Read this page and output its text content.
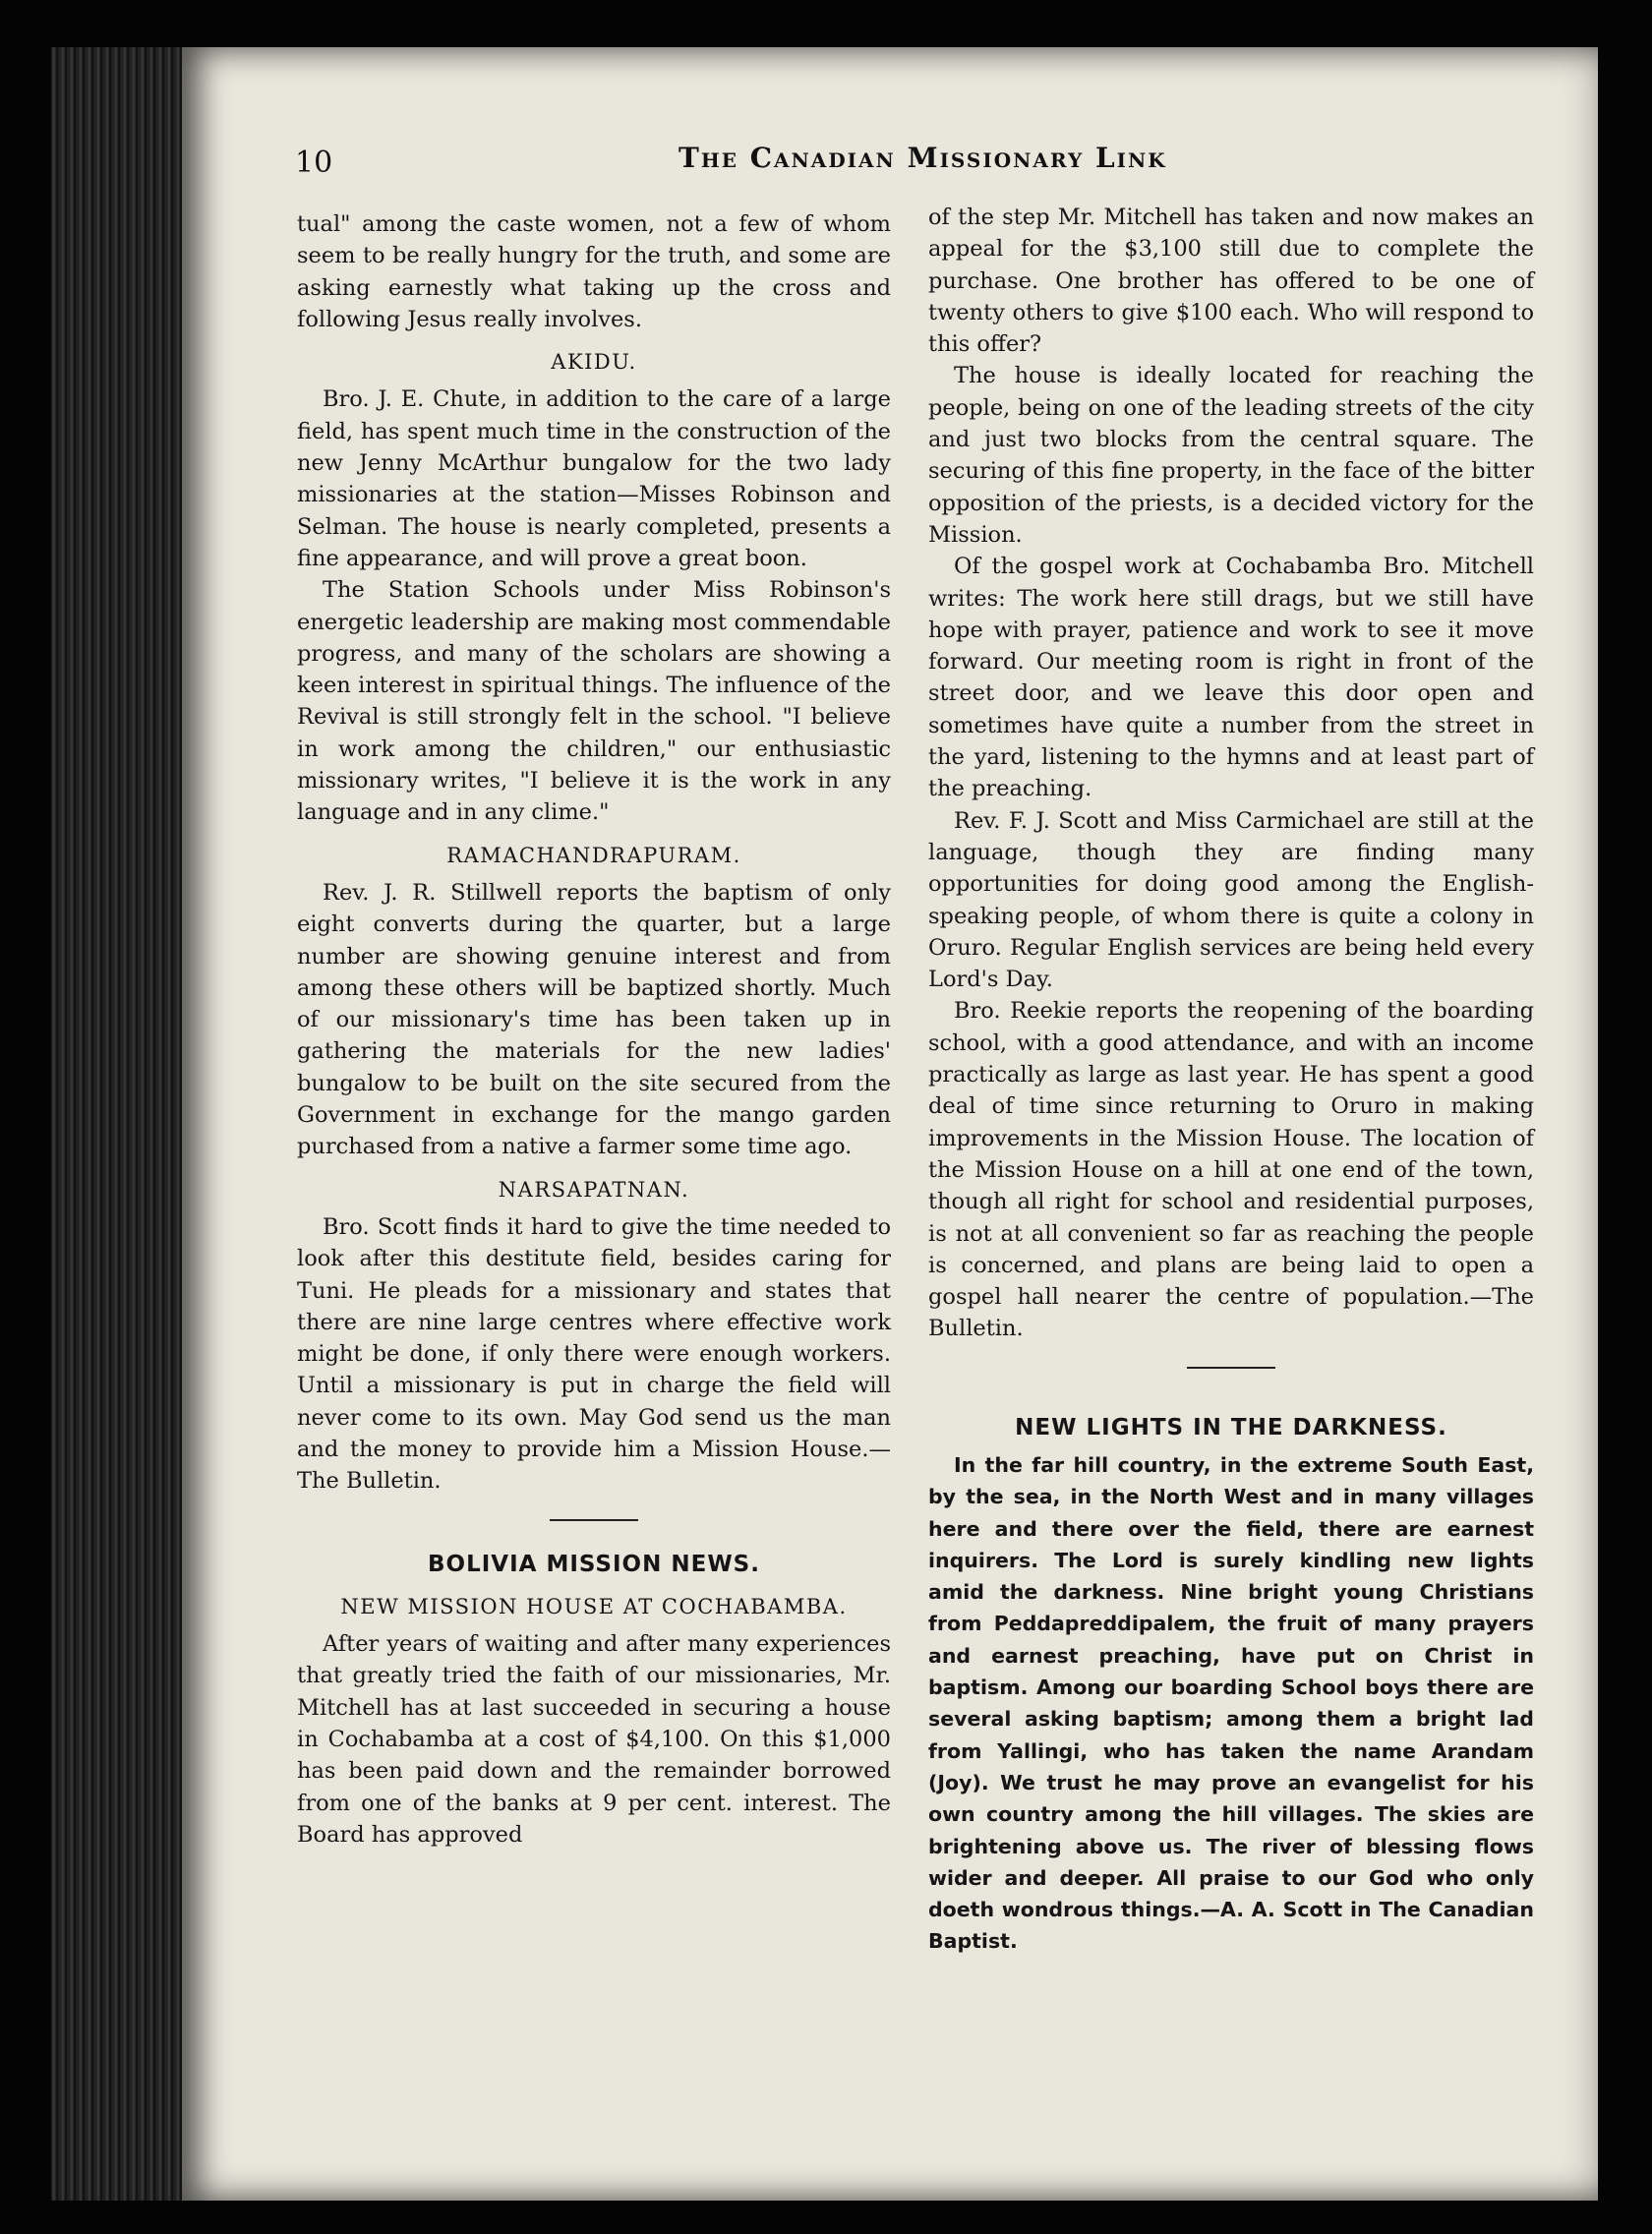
10	The Canadian Missionary Link

tual" among the caste women, not a few of whom seem to be really hungry for the truth, and some are asking earnestly what taking up the cross and following Jesus really involves.

AKIDU.

Bro. J. E. Chute, in addition to the care of a large field, has spent much time in the construction of the new Jenny McArthur bungalow for the two lady missionaries at the station—Misses Robinson and Selman. The house is nearly completed, presents a fine appearance, and will prove a great boon.

The Station Schools under Miss Robinson's energetic leadership are making most commendable progress, and many of the scholars are showing a keen interest in spiritual things. The influence of the Revival is still strongly felt in the school. "I believe in work among the children," our enthusiastic missionary writes, "I believe it is the work in any language and in any clime."

RAMACHANDRAPURAM.

Rev. J. R. Stillwell reports the baptism of only eight converts during the quarter, but a large number are showing genuine interest and from among these others will be baptized shortly. Much of our missionary's time has been taken up in gathering the materials for the new ladies' bungalow to be built on the site secured from the Government in exchange for the mango garden purchased from a native a farmer some time ago.

NARSAPATNAN.

Bro. Scott finds it hard to give the time needed to look after this destitute field, besides caring for Tuni. He pleads for a missionary and states that there are nine large centres where effective work might be done, if only there were enough workers. Until a missionary is put in charge the field will never come to its own. May God send us the man and the money to provide him a Mission House.—The Bulletin.

BOLIVIA MISSION NEWS.
NEW MISSION HOUSE AT COCHABAMBA.

After years of waiting and after many experiences that greatly tried the faith of our missionaries, Mr. Mitchell has at last succeeded in securing a house in Cochabamba at a cost of $4,100. On this $1,000 has been paid down and the remainder borrowed from one of the banks at 9 per cent. interest. The Board has approved

of the step Mr. Mitchell has taken and now makes an appeal for the $3,100 still due to complete the purchase. One brother has offered to be one of twenty others to give $100 each. Who will respond to this offer?

The house is ideally located for reaching the people, being on one of the leading streets of the city and just two blocks from the central square. The securing of this fine property, in the face of the bitter opposition of the priests, is a decided victory for the Mission.

Of the gospel work at Cochabamba Bro. Mitchell writes: The work here still drags, but we still have hope with prayer, patience and work to see it move forward. Our meeting room is right in front of the street door, and we leave this door open and sometimes have quite a number from the street in the yard, listening to the hymns and at least part of the preaching.

Rev. F. J. Scott and Miss Carmichael are still at the language, though they are finding many opportunities for doing good among the English-speaking people, of whom there is quite a colony in Oruro. Regular English services are being held every Lord's Day.

Bro. Reekie reports the reopening of the boarding school, with a good attendance, and with an income practically as large as last year. He has spent a good deal of time since returning to Oruro in making improvements in the Mission House. The location of the Mission House on a hill at one end of the town, though all right for school and residential purposes, is not at all convenient so far as reaching the people is concerned, and plans are being laid to open a gospel hall nearer the centre of population.—The Bulletin.

NEW LIGHTS IN THE DARKNESS.

In the far hill country, in the extreme South East, by the sea, in the North West and in many villages here and there over the field, there are earnest inquirers. The Lord is surely kindling new lights amid the darkness. Nine bright young Christians from Peddapreddipalem, the fruit of many prayers and earnest preaching, have put on Christ in baptism. Among our boarding School boys there are several asking baptism; among them a bright lad from Yallingi, who has taken the name Arandam (Joy). We trust he may prove an evangelist for his own country among the hill villages. The skies are brightening above us. The river of blessing flows wider and deeper. All praise to our God who only doeth wondrous things.—A. A. Scott in The Canadian Baptist.
